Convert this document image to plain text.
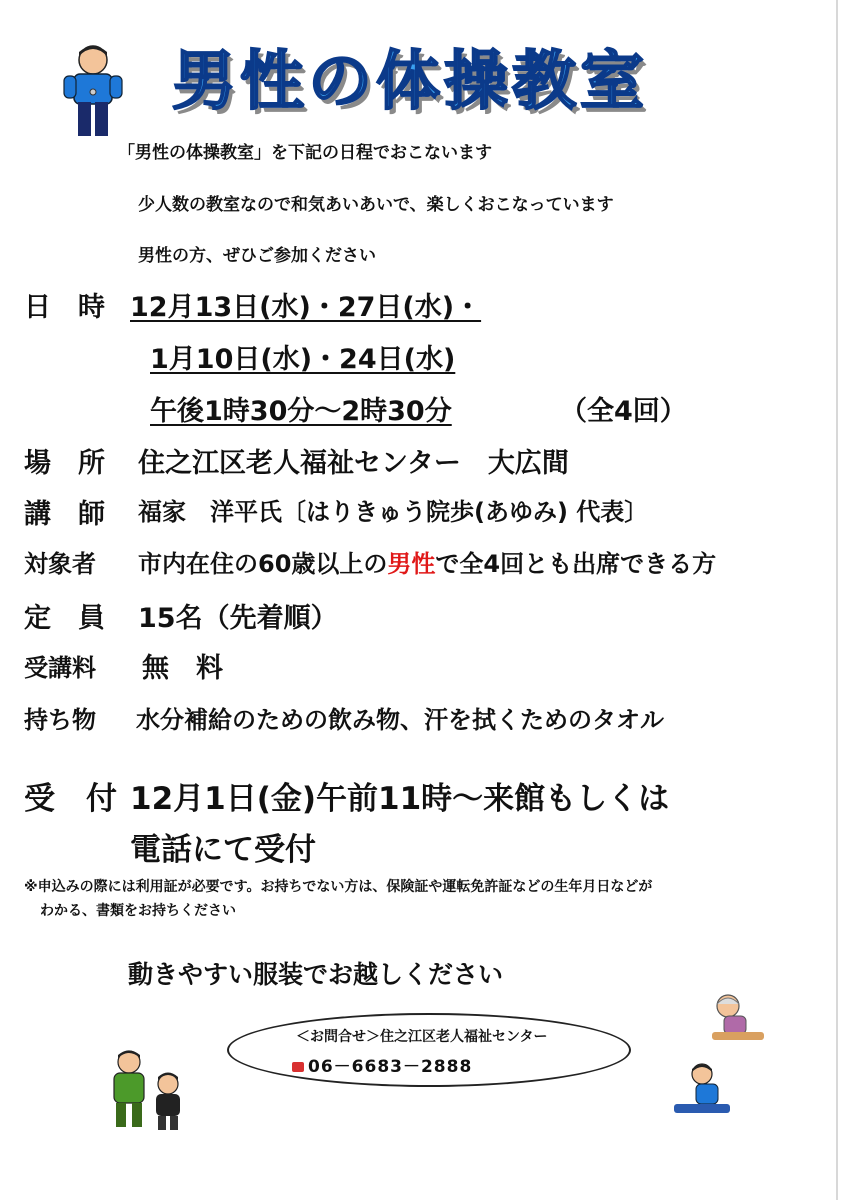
男性の体操教室
「男性の体操教室」を下記の日程でおこないます
少人数の教室なので和気あいあいで、楽しくおこなっています
男性の方、ぜひご参加ください
日　時 12月13日(水)・27日(水)・
1月10日(水)・24日(水)
午後1時30分～2時30分	（全4回）
場　所 住之江区老人福祉センター　大広間
講　師 福家　洋平氏〔はりきゅう院歩(あゆみ) 代表〕
対象者 市内在住の60歳以上の男性で全4回とも出席できる方
定　員 15名（先着順）
受講料 無　料
持ち物 水分補給のための飲み物、汗を拭くためのタオル
受　付 12月1日(金)午前11時～来館もしくは
電話にて受付
※申込みの際には利用証が必要です。お持ちでない方は、保険証や運転免許証などの生年月日などが
わかる、書類をお持ちください
動きやすい服装でお越しください
＜お問合せ＞住之江区老人福祉センター
06－6683－2888
